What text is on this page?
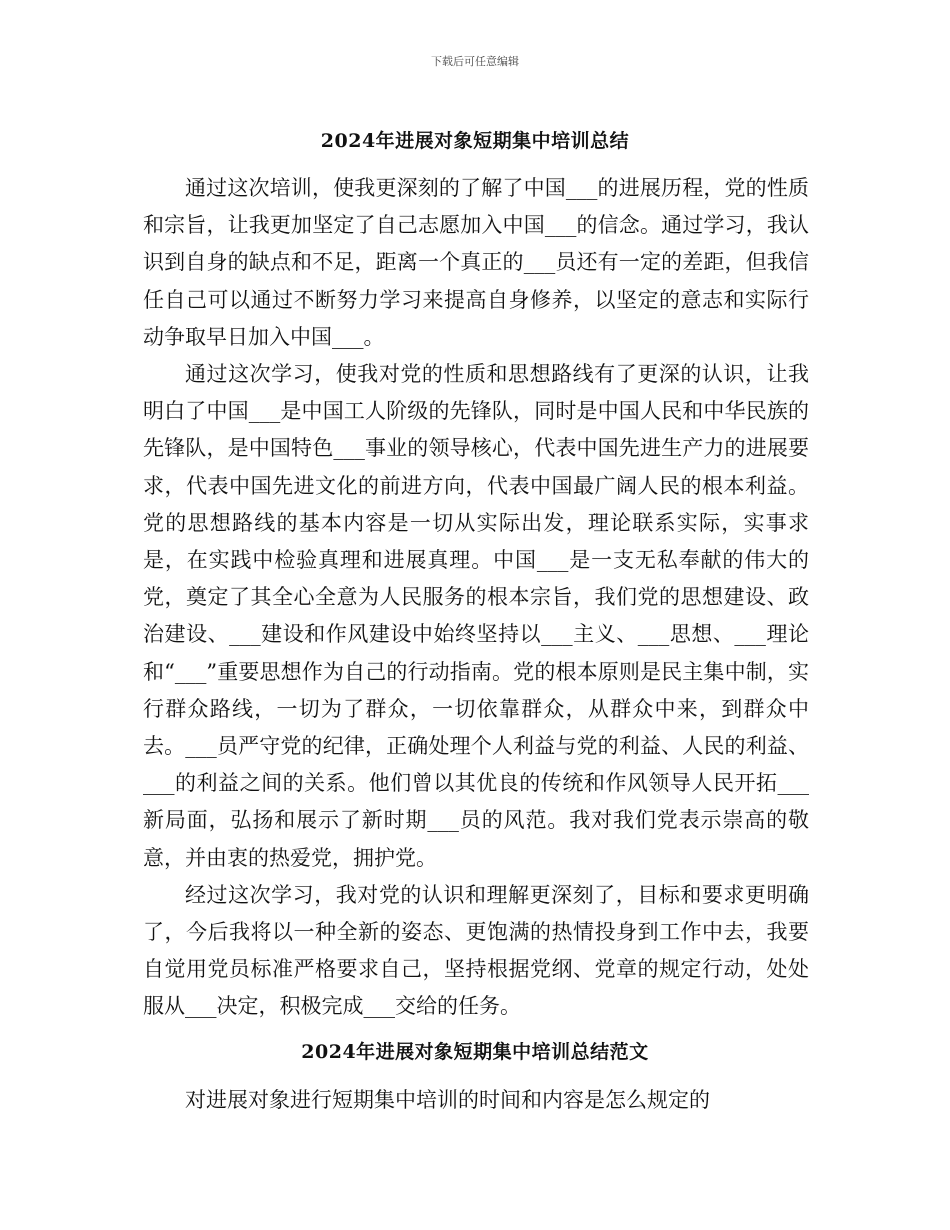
下载后可任意编辑
2024年进展对象短期集中培训总结

通过这次培训，使我更深刻的了解了中国___的进展历程，党的性质和宗旨，让我更加坚定了自己志愿加入中国___的信念。通过学习，我认识到自身的缺点和不足，距离一个真正的___员还有一定的差距，但我信任自己可以通过不断努力学习来提高自身修养，以坚定的意志和实际行动争取早日加入中国___。

通过这次学习，使我对党的性质和思想路线有了更深的认识，让我明白了中国___是中国工人阶级的先锋队，同时是中国人民和中华民族的先锋队，是中国特色___事业的领导核心，代表中国先进生产力的进展要求，代表中国先进文化的前进方向，代表中国最广阔人民的根本利益。党的思想路线的基本内容是一切从实际出发，理论联系实际，实事求是，在实践中检验真理和进展真理。中国___是一支无私奉献的伟大的党，奠定了其全心全意为人民服务的根本宗旨，我们党的思想建设、政治建设、___建设和作风建设中始终坚持以___主义、___思想、___理论和“___”重要思想作为自己的行动指南。党的根本原则是民主集中制，实行群众路线，一切为了群众，一切依靠群众，从群众中来，到群众中去。___员严守党的纪律，正确处理个人利益与党的利益、人民的利益、___的利益之间的关系。他们曾以其优良的传统和作风领导人民开拓___新局面，弘扬和展示了新时期___员的风范。我对我们党表示崇高的敬意，并由衷的热爱党，拥护党。

经过这次学习，我对党的认识和理解更深刻了，目标和要求更明确了，今后我将以一种全新的姿态、更饱满的热情投身到工作中去，我要自觉用党员标准严格要求自己，坚持根据党纲、党章的规定行动，处处服从___决定，积极完成___交给的任务。

2024年进展对象短期集中培训总结范文

对进展对象进行短期集中培训的时间和内容是怎么规定的
